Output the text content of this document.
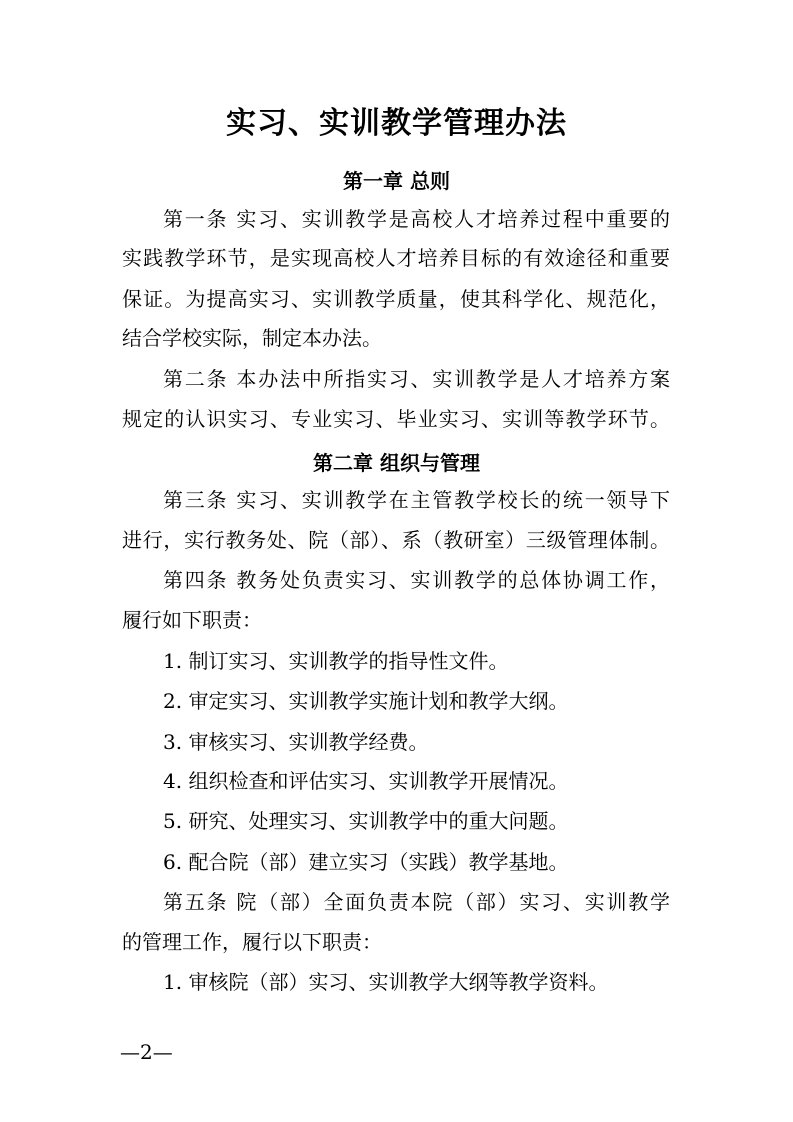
实习、实训教学管理办法
第一章 总则
第一条 实习、实训教学是高校人才培养过程中重要的
实践教学环节，是实现高校人才培养目标的有效途径和重要
保证。为提高实习、实训教学质量，使其科学化、规范化，
结合学校实际，制定本办法。
第二条 本办法中所指实习、实训教学是人才培养方案
规定的认识实习、专业实习、毕业实习、实训等教学环节。
第二章 组织与管理
第三条 实习、实训教学在主管教学校长的统一领导下
进行，实行教务处、院（部）、系（教研室）三级管理体制。
第四条 教务处负责实习、实训教学的总体协调工作，
履行如下职责：
1. 制订实习、实训教学的指导性文件。
2. 审定实习、实训教学实施计划和教学大纲。
3. 审核实习、实训教学经费。
4. 组织检查和评估实习、实训教学开展情况。
5. 研究、处理实习、实训教学中的重大问题。
6. 配合院（部）建立实习（实践）教学基地。
第五条 院（部）全面负责本院（部）实习、实训教学
的管理工作，履行以下职责：
1. 审核院（部）实习、实训教学大纲等教学资料。
—2—
